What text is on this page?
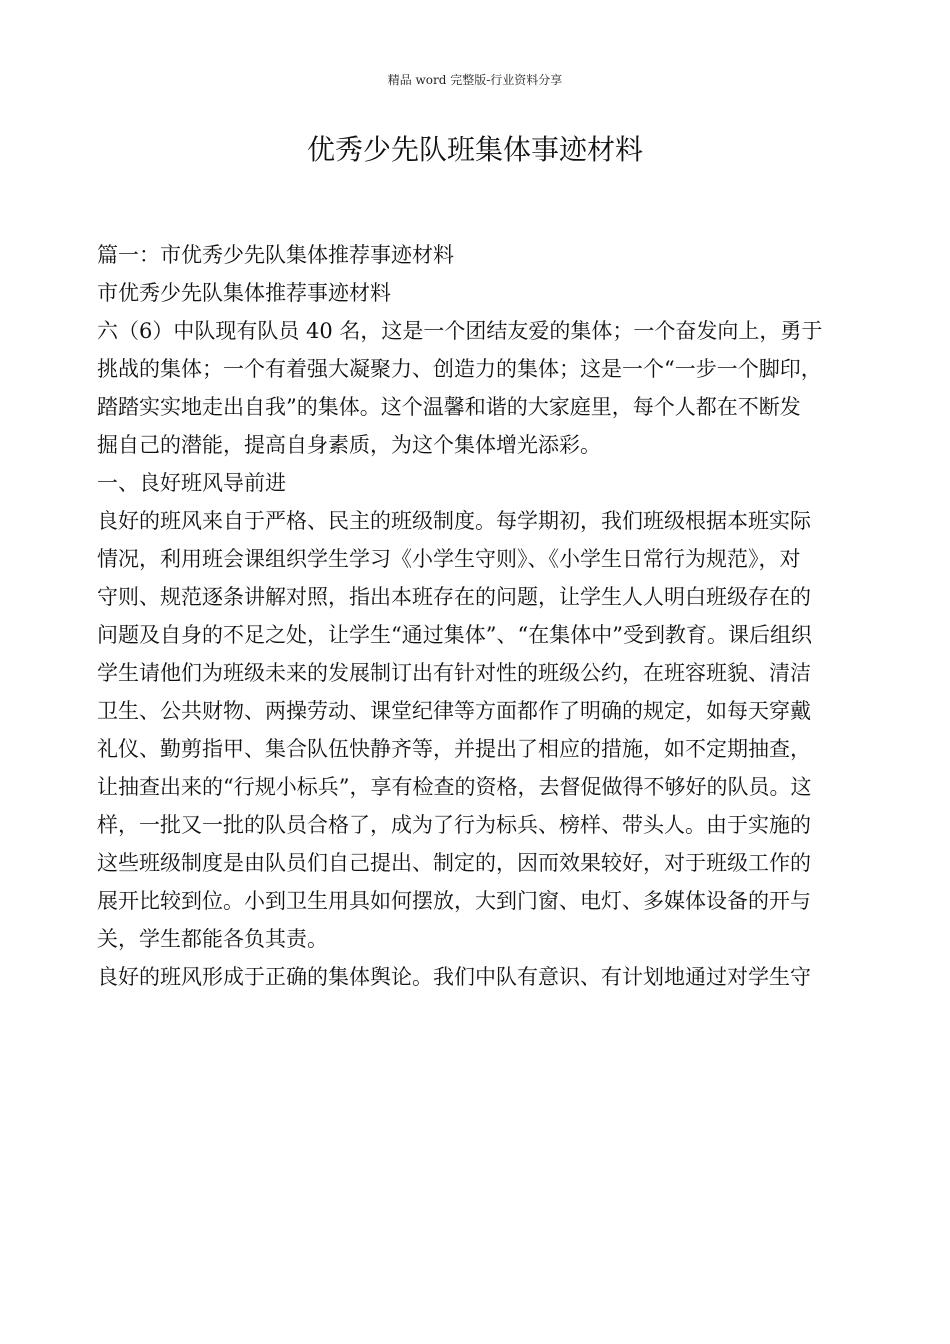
精品 word 完整版-行业资料分享
优秀少先队班集体事迹材料
篇一：市优秀少先队集体推荐事迹材料
市优秀少先队集体推荐事迹材料
六（6）中队现有队员 40 名，这是一个团结友爱的集体；一个奋发向上，勇于
挑战的集体；一个有着强大凝聚力、创造力的集体；这是一个“一步一个脚印，
踏踏实实地走出自我”的集体。这个温馨和谐的大家庭里，每个人都在不断发
掘自己的潜能，提高自身素质，为这个集体增光添彩。
一、良好班风导前进
良好的班风来自于严格、民主的班级制度。每学期初，我们班级根据本班实际
情况，利用班会课组织学生学习《小学生守则》、《小学生日常行为规范》，对
守则、规范逐条讲解对照，指出本班存在的问题，让学生人人明白班级存在的
问题及自身的不足之处，让学生“通过集体”、“在集体中”受到教育。课后组织
学生请他们为班级未来的发展制订出有针对性的班级公约，在班容班貌、清洁
卫生、公共财物、两操劳动、课堂纪律等方面都作了明确的规定，如每天穿戴
礼仪、勤剪指甲、集合队伍快静齐等，并提出了相应的措施，如不定期抽查，
让抽查出来的“行规小标兵”，享有检查的资格，去督促做得不够好的队员。这
样，一批又一批的队员合格了，成为了行为标兵、榜样、带头人。由于实施的
这些班级制度是由队员们自己提出、制定的，因而效果较好，对于班级工作的
展开比较到位。小到卫生用具如何摆放，大到门窗、电灯、多媒体设备的开与
关，学生都能各负其责。
良好的班风形成于正确的集体舆论。我们中队有意识、有计划地通过对学生守
